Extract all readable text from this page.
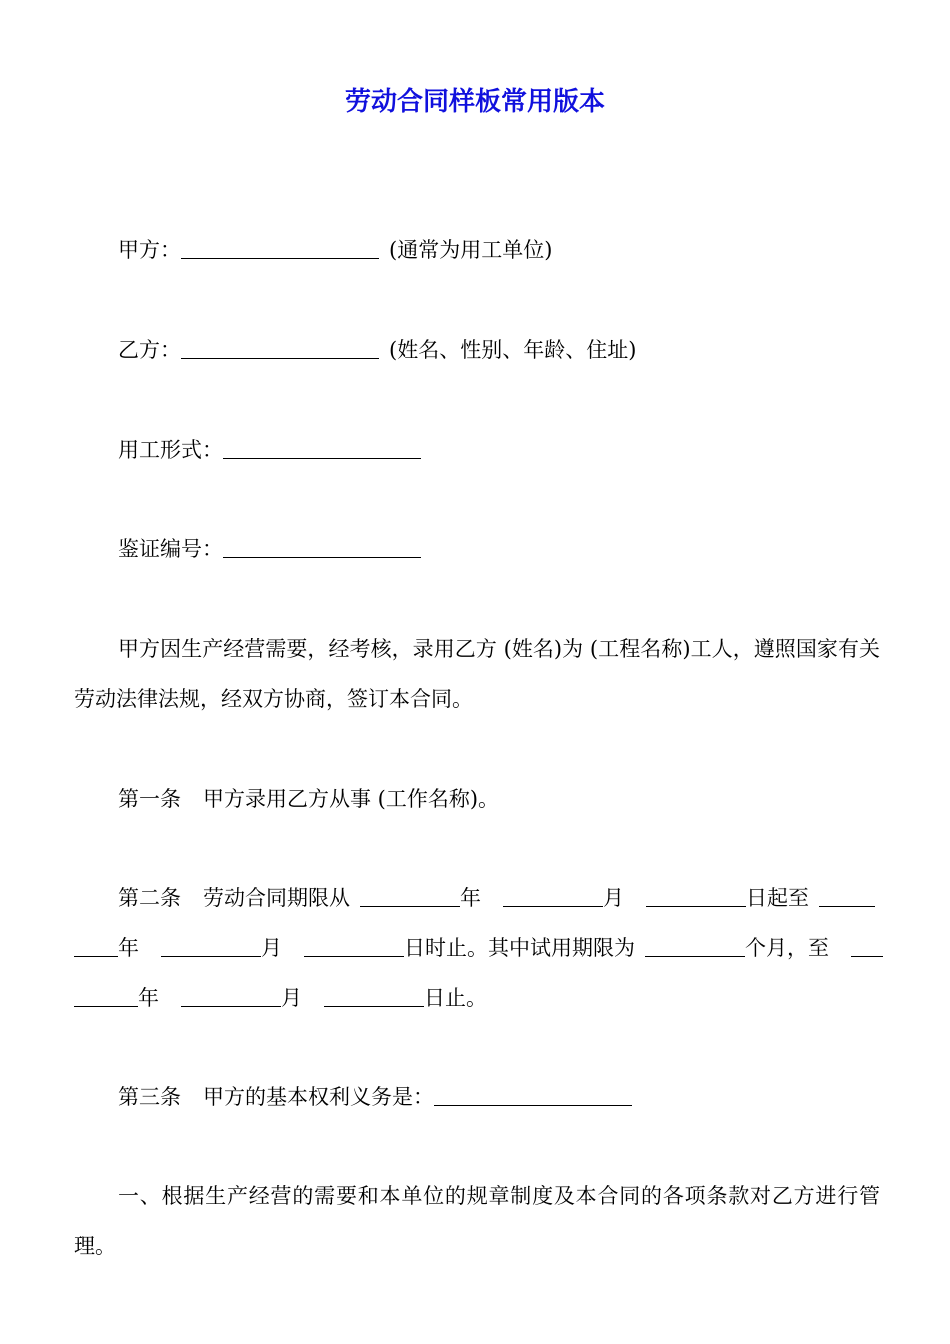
劳动合同样板常用版本
甲方：	(通常为用工单位)
乙方：	(姓名、性别、年龄、住址)
用工形式：
鉴证编号：
甲方因生产经营需要，经考核，录用乙方 (姓名)为 (工程名称)工人，遵照国家有关劳动法律法规，经双方协商，签订本合同。
第一条 甲方录用乙方从事 (工作名称)。
第二条 劳动合同期限从	年	月	日起至
年	月	日时止。其中试用期限为	个月，至
年	月	日止。
第三条 甲方的基本权利义务是：
一、根据生产经营的需要和本单位的规章制度及本合同的各项条款对乙方进行管理。
